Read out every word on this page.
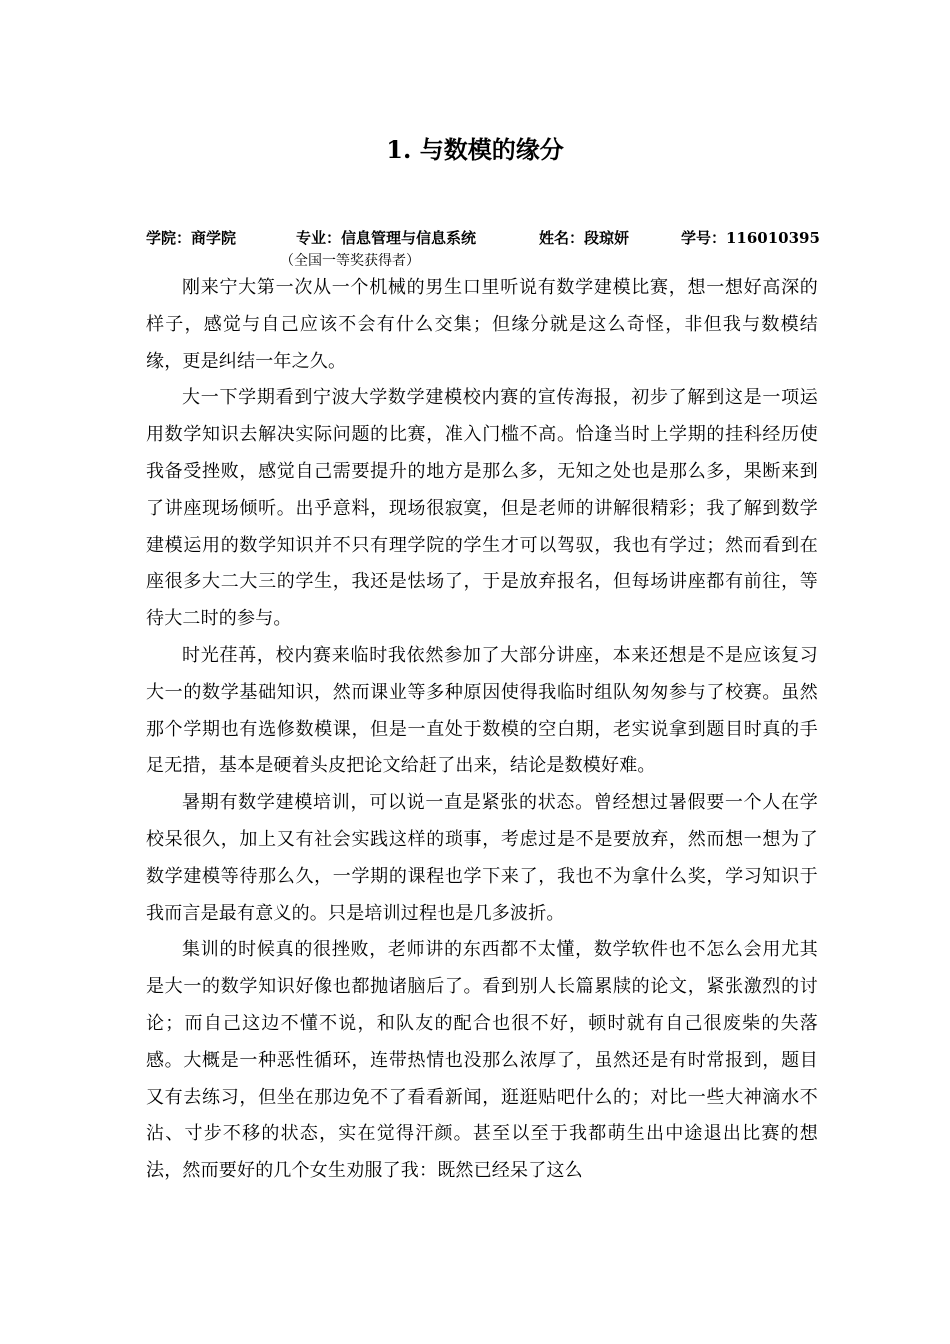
1. 与数模的缘分
学院：商学院	专业：信息管理与信息系统	姓名：段琼妍	学号：116010395
（全国一等奖获得者）

刚来宁大第一次从一个机械的男生口里听说有数学建模比赛，想一想好高深的样子，感觉与自己应该不会有什么交集；但缘分就是这么奇怪，非但我与数模结缘，更是纠结一年之久。

大一下学期看到宁波大学数学建模校内赛的宣传海报，初步了解到这是一项运用数学知识去解决实际问题的比赛，准入门槛不高。恰逢当时上学期的挂科经历使我备受挫败，感觉自己需要提升的地方是那么多，无知之处也是那么多，果断来到了讲座现场倾听。出乎意料，现场很寂寞，但是老师的讲解很精彩；我了解到数学建模运用的数学知识并不只有理学院的学生才可以驾驭，我也有学过；然而看到在座很多大二大三的学生，我还是怯场了，于是放弃报名，但每场讲座都有前往，等待大二时的参与。

时光荏苒，校内赛来临时我依然参加了大部分讲座，本来还想是不是应该复习大一的数学基础知识，然而课业等多种原因使得我临时组队匆匆参与了校赛。虽然那个学期也有选修数模课，但是一直处于数模的空白期，老实说拿到题目时真的手足无措，基本是硬着头皮把论文给赶了出来，结论是数模好难。

暑期有数学建模培训，可以说一直是紧张的状态。曾经想过暑假要一个人在学校呆很久，加上又有社会实践这样的琐事，考虑过是不是要放弃，然而想一想为了数学建模等待那么久，一学期的课程也学下来了，我也不为拿什么奖，学习知识于我而言是最有意义的。只是培训过程也是几多波折。

集训的时候真的很挫败，老师讲的东西都不太懂，数学软件也不怎么会用尤其是大一的数学知识好像也都抛诸脑后了。看到别人长篇累牍的论文，紧张激烈的讨论；而自己这边不懂不说，和队友的配合也很不好，顿时就有自己很废柴的失落感。大概是一种恶性循环，连带热情也没那么浓厚了，虽然还是有时常报到，题目又有去练习，但坐在那边免不了看看新闻，逛逛贴吧什么的；对比一些大神滴水不沾、寸步不移的状态，实在觉得汗颜。甚至以至于我都萌生出中途退出比赛的想法，然而要好的几个女生劝服了我：既然已经呆了这么
